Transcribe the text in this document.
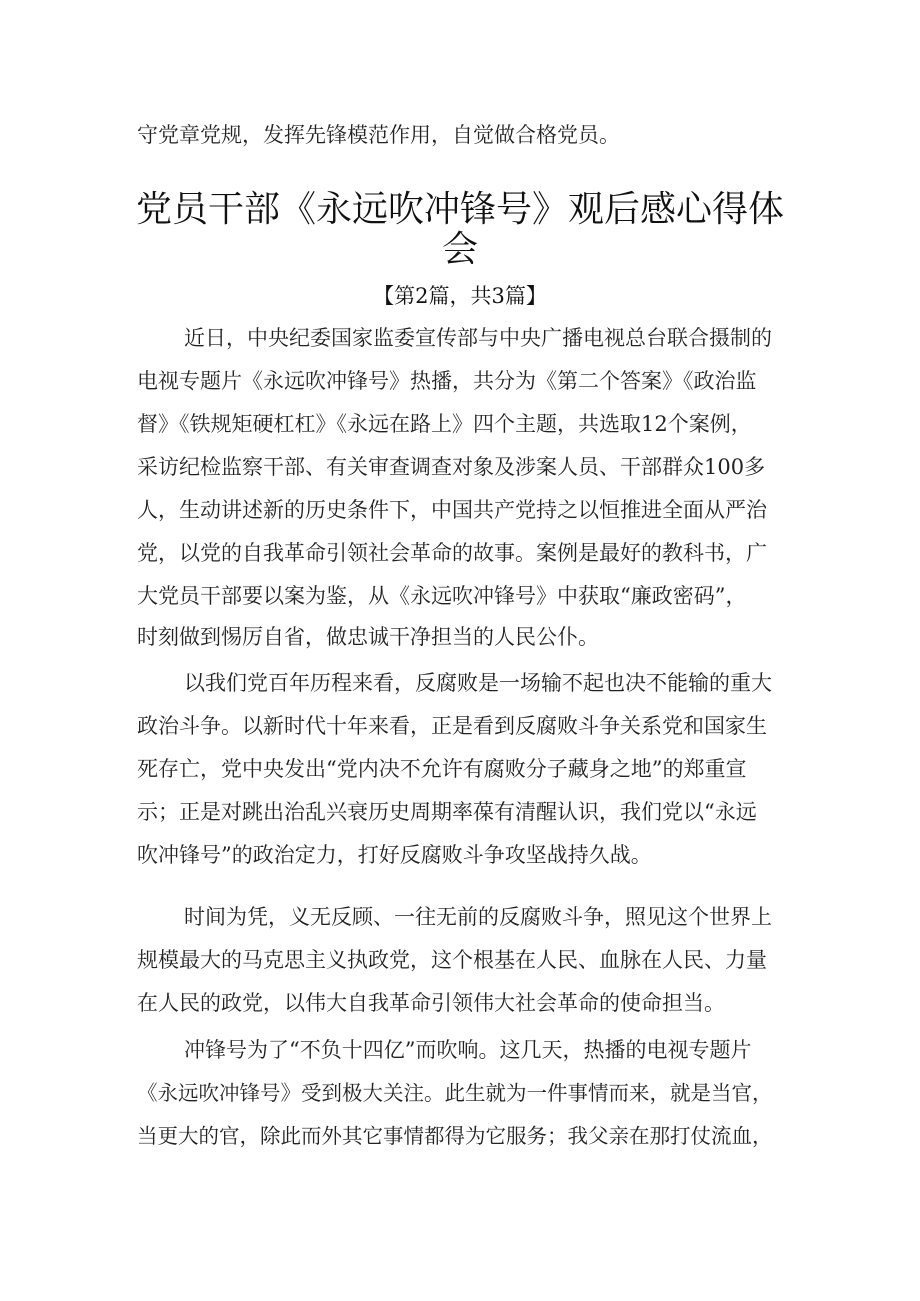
守党章党规，发挥先锋模范作用，自觉做合格党员。
党员干部《永远吹冲锋号》观后感心得体
会
【第2篇，共3篇】
近日，中央纪委国家监委宣传部与中央广播电视总台联合摄制的
电视专题片《永远吹冲锋号》热播，共分为《第二个答案》《政治监
督》《铁规矩硬杠杠》《永远在路上》四个主题，共选取12个案例，
采访纪检监察干部、有关审查调查对象及涉案人员、干部群众100多
人，生动讲述新的历史条件下，中国共产党持之以恒推进全面从严治
党，以党的自我革命引领社会革命的故事。案例是最好的教科书，广
大党员干部要以案为鉴，从《永远吹冲锋号》中获取“廉政密码”，
时刻做到惕厉自省，做忠诚干净担当的人民公仆。
以我们党百年历程来看，反腐败是一场输不起也决不能输的重大
政治斗争。以新时代十年来看，正是看到反腐败斗争关系党和国家生
死存亡，党中央发出“党内决不允许有腐败分子藏身之地”的郑重宣
示；正是对跳出治乱兴衰历史周期率葆有清醒认识，我们党以“永远
吹冲锋号”的政治定力，打好反腐败斗争攻坚战持久战。
时间为凭，义无反顾、一往无前的反腐败斗争，照见这个世界上
规模最大的马克思主义执政党，这个根基在人民、血脉在人民、力量
在人民的政党，以伟大自我革命引领伟大社会革命的使命担当。
冲锋号为了“不负十四亿”而吹响。这几天，热播的电视专题片
《永远吹冲锋号》受到极大关注。此生就为一件事情而来，就是当官，
当更大的官，除此而外其它事情都得为它服务；我父亲在那打仗流血，
